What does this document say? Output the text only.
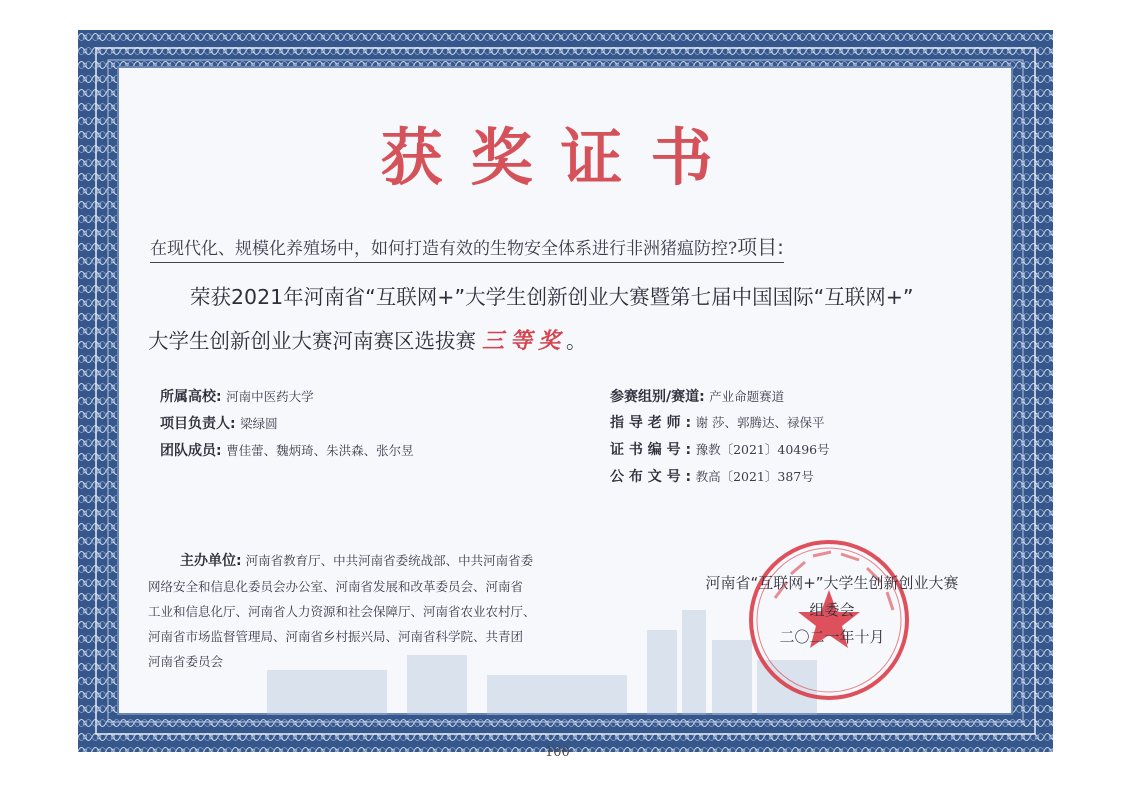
获奖证书
在现代化、规模化养殖场中，如何打造有效的生物安全体系进行非洲猪瘟防控?项目:
荣获2021年河南省“互联网+”大学生创新创业大赛暨第七届中国国际“互联网+”
大学生创新创业大赛河南赛区选拔赛 三等奖。
所属高校: 河南中医药大学
项目负责人: 梁绿圆
团队成员: 曹佳蕾、魏炳琦、朱洪森、张尔昱
参赛组别/赛道: 产业命题赛道
指 导 老 师 : 谢 莎、郭腾达、禄保平
证 书 编 号 : 豫教〔2021〕40496号
公 布 文 号 : 教高〔2021〕387号
主办单位: 河南省教育厅、中共河南省委统战部、中共河南省委
网络安全和信息化委员会办公室、河南省发展和改革委员会、河南省
工业和信息化厅、河南省人力资源和社会保障厅、河南省农业农村厅、
河南省市场监督管理局、河南省乡村振兴局、河南省科学院、共青团
河南省委员会
河南省“互联网+”大学生创新创业大赛
组委会
二〇二一年十月
100
